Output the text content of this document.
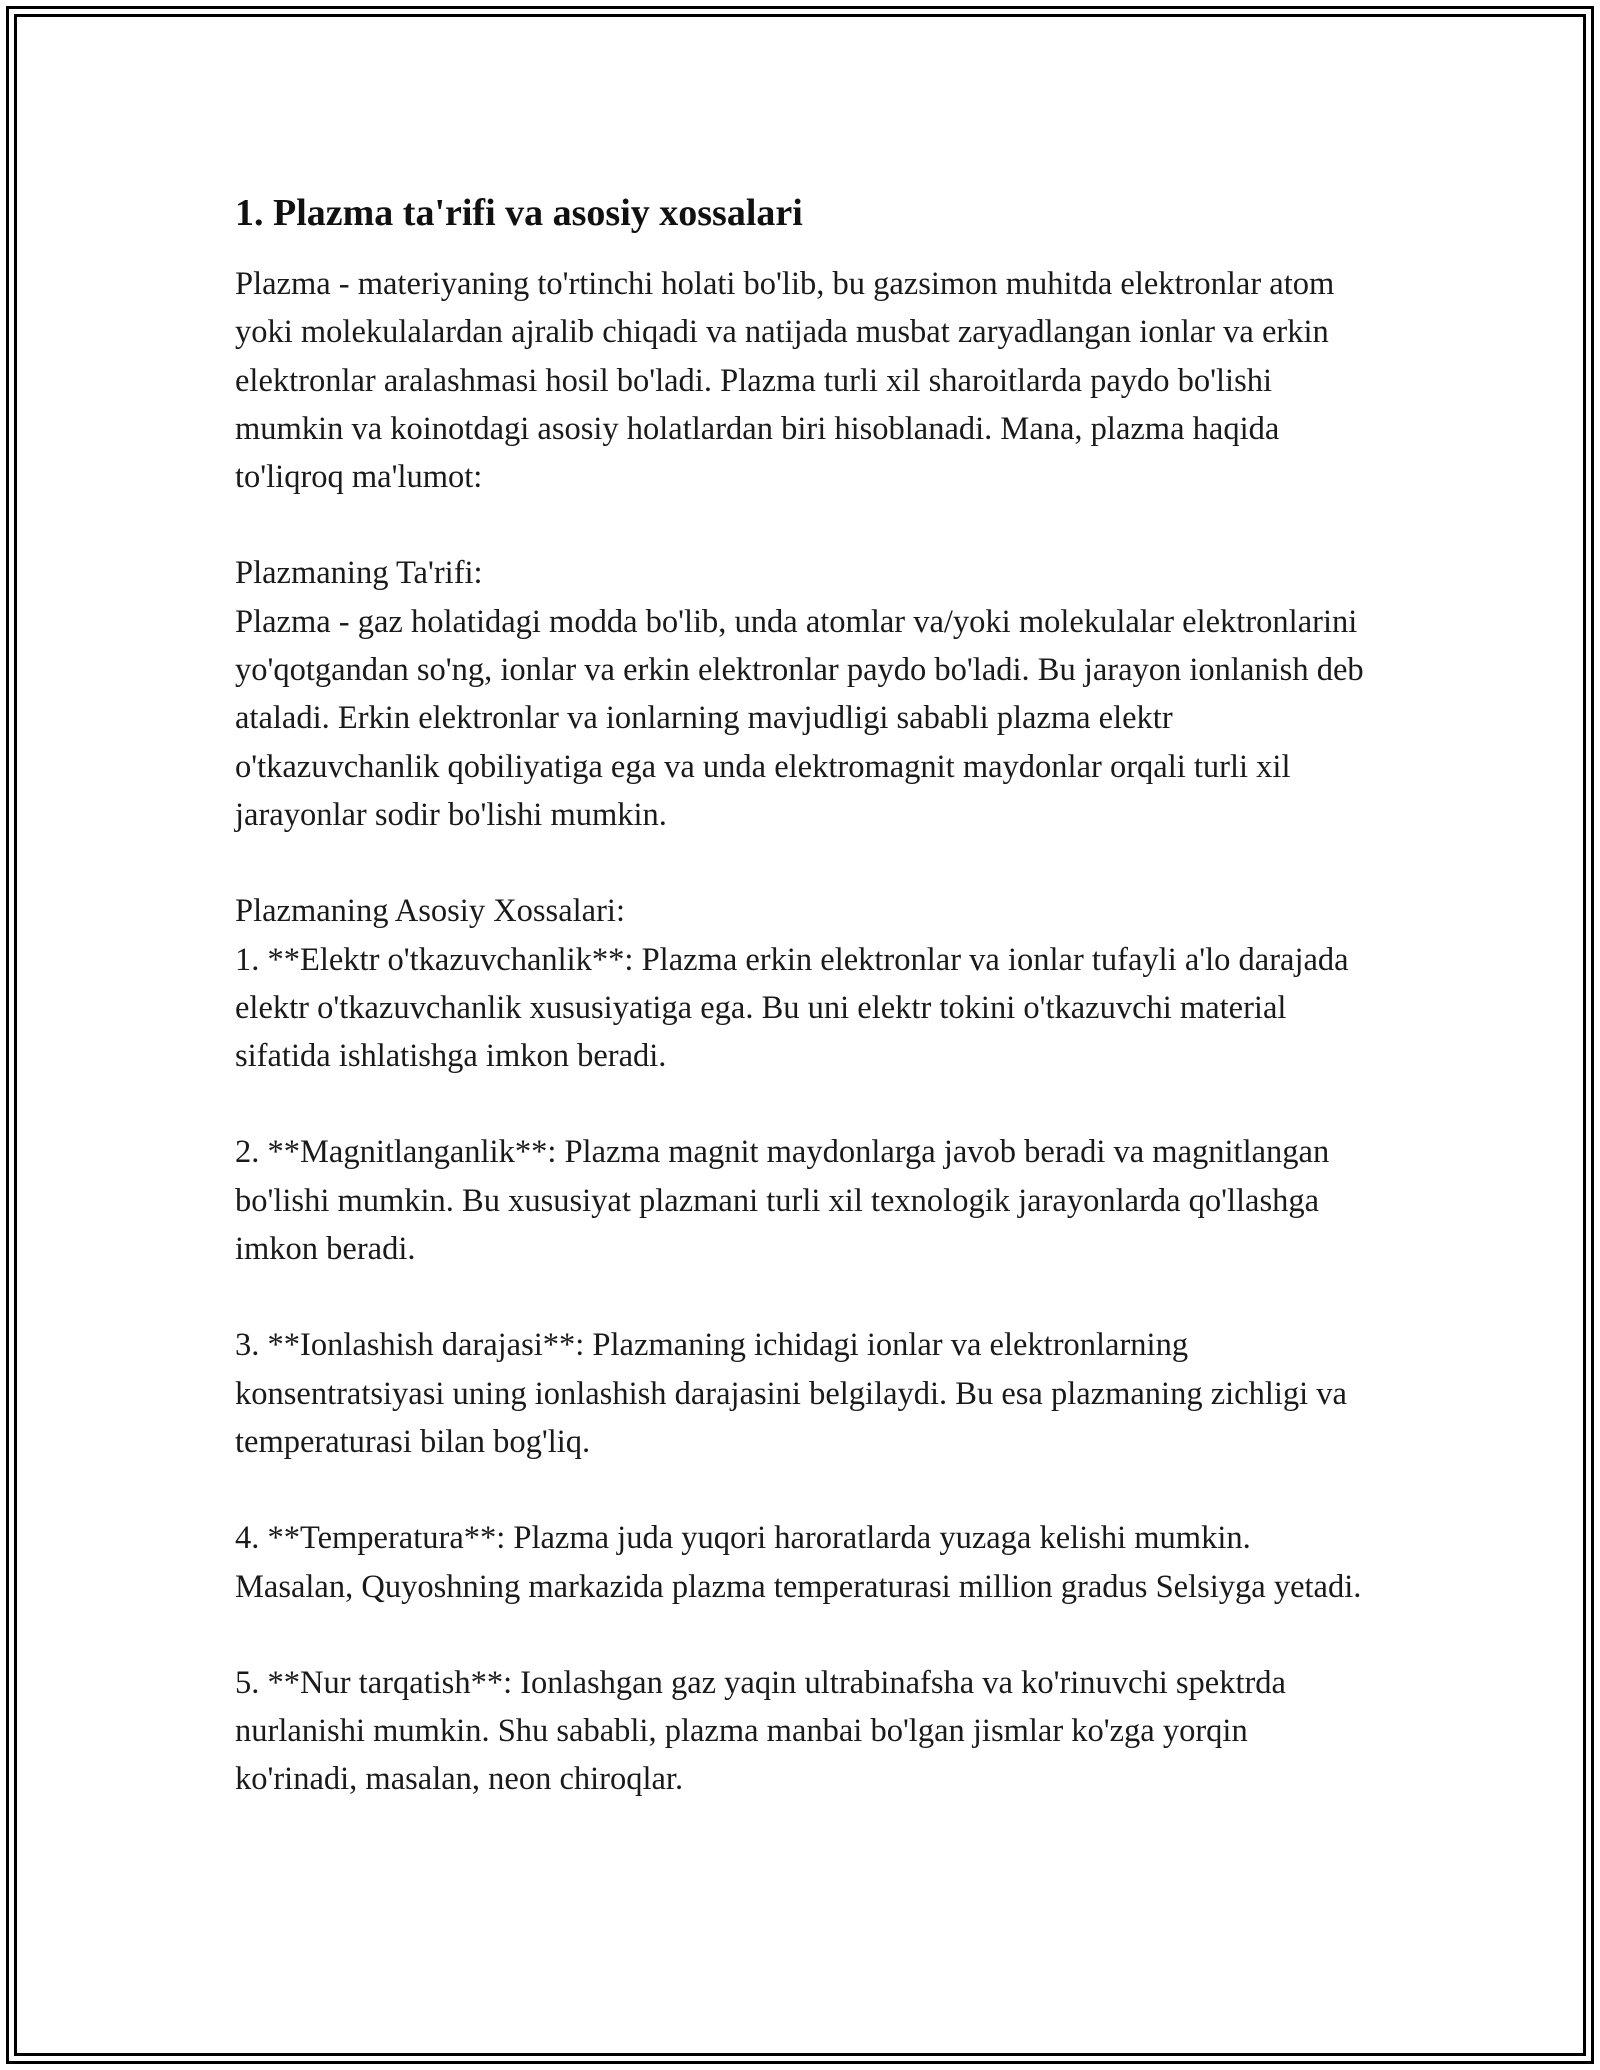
1. Plazma ta'rifi va asosiy xossalari

Plazma - materiyaning to'rtinchi holati bo'lib, bu gazsimon muhitda elektronlar atom yoki molekulalardan ajralib chiqadi va natijada musbat zaryadlangan ionlar va erkin elektronlar aralashmasi hosil bo'ladi. Plazma turli xil sharoitlarda paydo bo'lishi mumkin va koinotdagi asosiy holatlardan biri hisoblanadi. Mana, plazma haqida to'liqroq ma'lumot:

Plazmaning Ta'rifi:

Plazma - gaz holatidagi modda bo'lib, unda atomlar va/yoki molekulalar elektronlarini yo'qotgandan so'ng, ionlar va erkin elektronlar paydo bo'ladi. Bu jarayon ionlanish deb ataladi. Erkin elektronlar va ionlarning mavjudligi sababli plazma elektr o'tkazuvchanlik qobiliyatiga ega va unda elektromagnit maydonlar orqali turli xil jarayonlar sodir bo'lishi mumkin.

Plazmaning Asosiy Xossalari:

1. **Elektr o'tkazuvchanlik**: Plazma erkin elektronlar va ionlar tufayli a'lo darajada elektr o'tkazuvchanlik xususiyatiga ega. Bu uni elektr tokini o'tkazuvchi material sifatida ishlatishga imkon beradi.

2. **Magnitlanganlik**: Plazma magnit maydonlarga javob beradi va magnitlangan bo'lishi mumkin. Bu xususiyat plazmani turli xil texnologik jarayonlarda qo'llashga imkon beradi.

3. **Ionlashish darajasi**: Plazmaning ichidagi ionlar va elektronlarning konsentratsiyasi uning ionlashish darajasini belgilaydi. Bu esa plazmaning zichligi va temperaturasi bilan bog'liq.

4. **Temperatura**: Plazma juda yuqori haroratlarda yuzaga kelishi mumkin. Masalan, Quyoshning markazida plazma temperaturasi million gradus Selsiyga yetadi.

5. **Nur tarqatish**: Ionlashgan gaz yaqin ultrabinafsha va ko'rinuvchi spektrda nurlanishi mumkin. Shu sababli, plazma manbai bo'lgan jismlar ko'zga yorqin ko'rinadi, masalan, neon chiroqlar.
